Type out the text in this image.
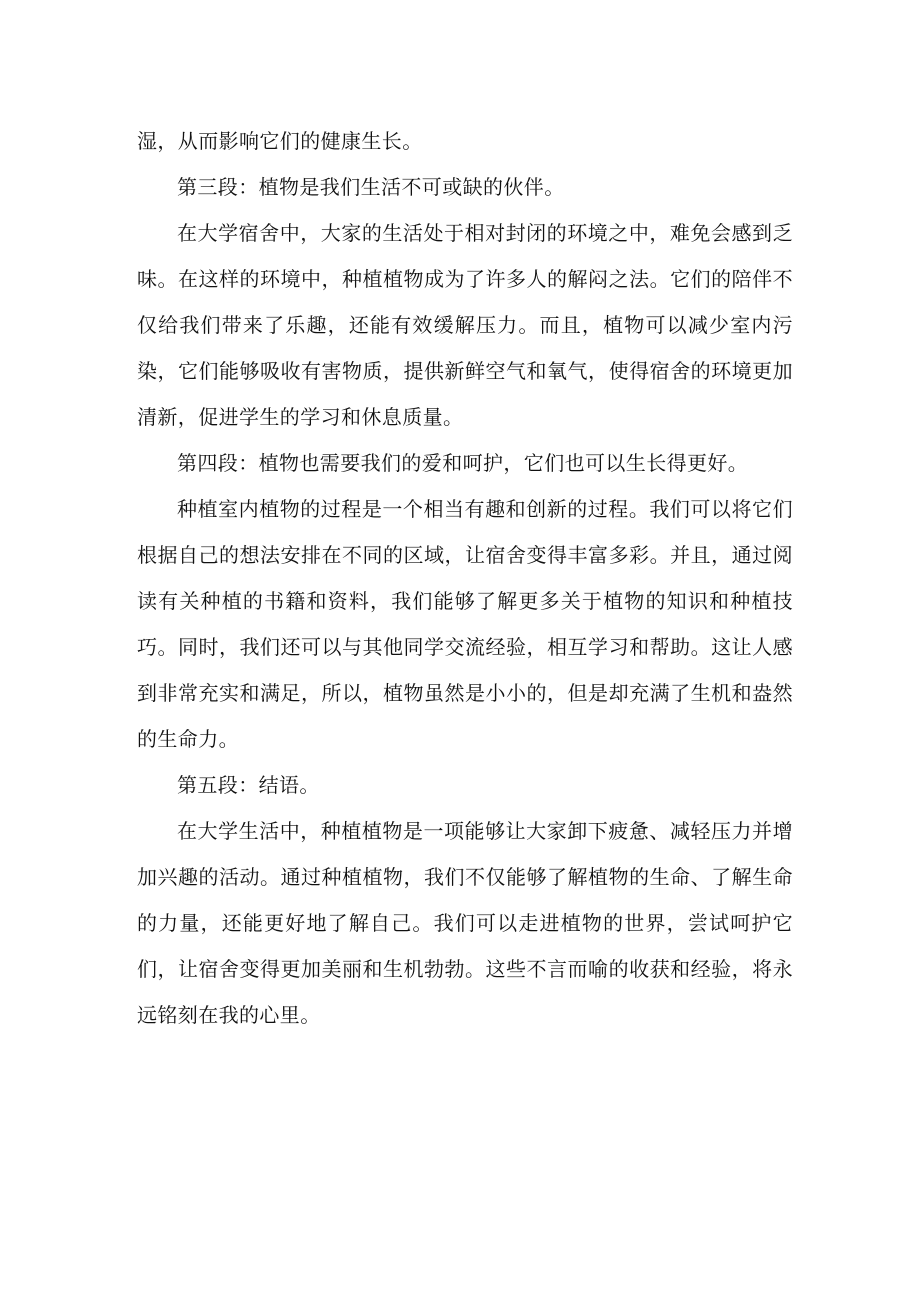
湿，从而影响它们的健康生长。

第三段：植物是我们生活不可或缺的伙伴。

在大学宿舍中，大家的生活处于相对封闭的环境之中，难免会感到乏味。在这样的环境中，种植植物成为了许多人的解闷之法。它们的陪伴不仅给我们带来了乐趣，还能有效缓解压力。而且，植物可以减少室内污染，它们能够吸收有害物质，提供新鲜空气和氧气，使得宿舍的环境更加清新，促进学生的学习和休息质量。

第四段：植物也需要我们的爱和呵护，它们也可以生长得更好。

种植室内植物的过程是一个相当有趣和创新的过程。我们可以将它们根据自己的想法安排在不同的区域，让宿舍变得丰富多彩。并且，通过阅读有关种植的书籍和资料，我们能够了解更多关于植物的知识和种植技巧。同时，我们还可以与其他同学交流经验，相互学习和帮助。这让人感到非常充实和满足，所以，植物虽然是小小的，但是却充满了生机和盎然的生命力。

第五段：结语。

在大学生活中，种植植物是一项能够让大家卸下疲惫、减轻压力并增加兴趣的活动。通过种植植物，我们不仅能够了解植物的生命、了解生命的力量，还能更好地了解自己。我们可以走进植物的世界，尝试呵护它们，让宿舍变得更加美丽和生机勃勃。这些不言而喻的收获和经验，将永远铭刻在我的心里。
